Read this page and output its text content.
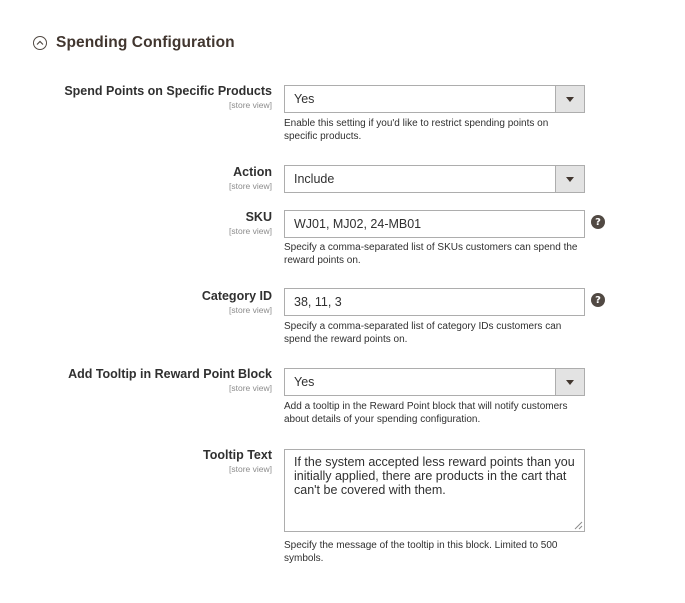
Spending Configuration
Spend Points on Specific Products
[store view] Yes
Enable this setting if you'd like to restrict spending points on specific products.
Action
[store view] Include
SKU
[store view] WJ01, MJ02, 24-MB01	?
Specify a comma-separated list of SKUs customers can spend the reward points on.
Category ID
[store view]
38, 11, 3	?
Specify a comma-separated list of category IDs customers can spend the reward points on.
Add Tooltip in Reward Point Block
[store view] Yes
Add a tooltip in the Reward Point block that will notify customers about details of your spending configuration.
Tooltip Text
[store view]	If the system accepted less reward points than you initially applied, there are products in the cart that can't be covered with them.
Specify the message of the tooltip in this block. Limited to 500 symbols.
